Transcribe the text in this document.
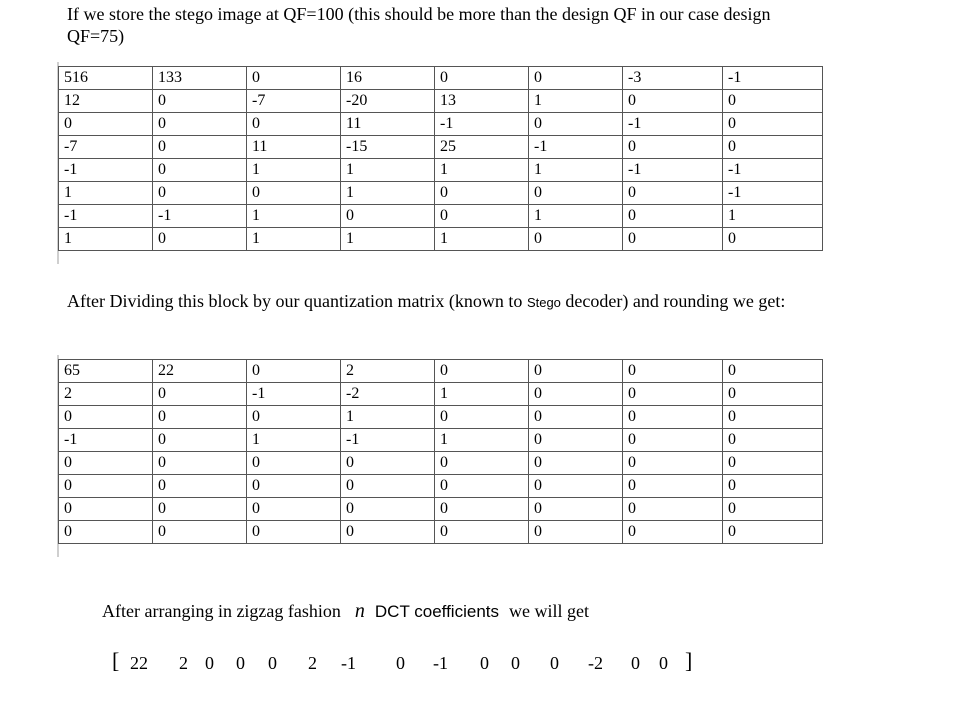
If we store the stego image at QF=100 (this should be more than the design QF in our case design QF=75)

516	133	0	16	0	0	-3	-1
12	0	-7	-20	13	1	0	0
0	0	0	11	-1	0	-1	0
-7	0	11	-15	25	-1	0	0
-1	0	1	1	1	1	-1	-1
1	0	0	1	0	0	0	-1
-1	-1	1	0	0	1	0	1
1	0	1	1	1	0	0	0

After Dividing this block by our quantization matrix (known to Stego decoder) and rounding we get:

65	22	0	2	0	0	0	0
2	0	-1	-2	1	0	0	0
0	0	0	1	0	0	0	0
-1	0	1	-1	1	0	0	0
0	0	0	0	0	0	0	0
0	0	0	0	0	0	0	0
0	0	0	0	0	0	0	0
0	0	0	0	0	0	0	0
After arranging in zigzag fashion n DCT coefficients we will get
[	]
22 2 0 0 0 2 -1 0 -1 0 0 0 -2 0 0
